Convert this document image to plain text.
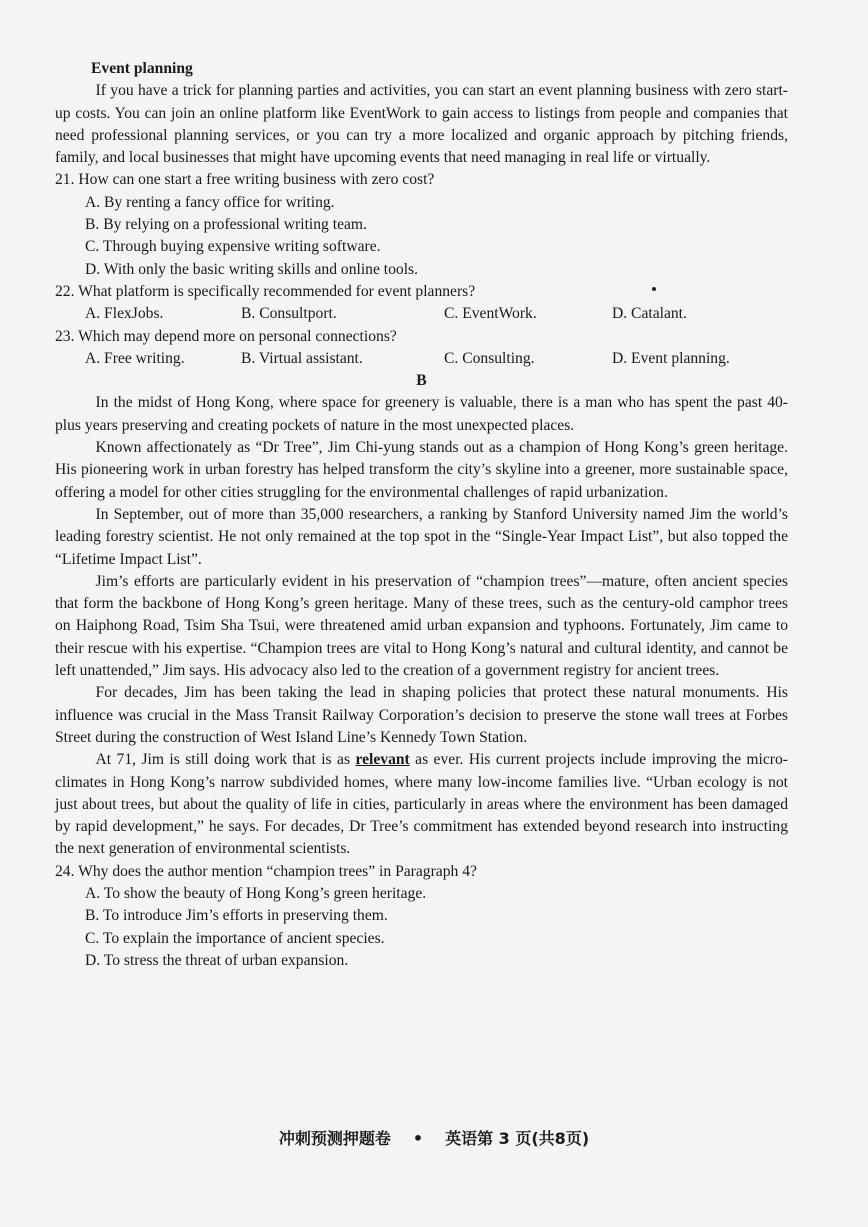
Event planning

If you have a trick for planning parties and activities, you can start an event planning business with zero start-up costs. You can join an online platform like EventWork to gain access to listings from people and companies that need professional planning services, or you can try a more localized and organic approach by pitching friends, family, and local businesses that might have upcoming events that need managing in real life or virtually.

21. How can one start a free writing business with zero cost?
A. By renting a fancy office for writing.
B. By relying on a professional writing team.
C. Through buying expensive writing software.
D. With only the basic writing skills and online tools.
22. What platform is specifically recommended for event planners?
A. FlexJobs.	B. Consultport.	C. EventWork.	D. Catalant.
23. Which may depend more on personal connections?
A. Free writing.	B. Virtual assistant.	C. Consulting.	D. Event planning.
B

In the midst of Hong Kong, where space for greenery is valuable, there is a man who has spent the past 40-plus years preserving and creating pockets of nature in the most unexpected places.

Known affectionately as “Dr Tree”, Jim Chi-yung stands out as a champion of Hong Kong’s green heritage. His pioneering work in urban forestry has helped transform the city’s skyline into a greener, more sustainable space, offering a model for other cities struggling for the environmental challenges of rapid urbanization.

In September, out of more than 35,000 researchers, a ranking by Stanford University named Jim the world’s leading forestry scientist. He not only remained at the top spot in the “Single-Year Impact List”, but also topped the “Lifetime Impact List”.

Jim’s efforts are particularly evident in his preservation of “champion trees”—mature, often ancient species that form the backbone of Hong Kong’s green heritage. Many of these trees, such as the century-old camphor trees on Haiphong Road, Tsim Sha Tsui, were threatened amid urban expansion and typhoons. Fortunately, Jim came to their rescue with his expertise. “Champion trees are vital to Hong Kong’s natural and cultural identity, and cannot be left unattended,” Jim says. His advocacy also led to the creation of a government registry for ancient trees.

For decades, Jim has been taking the lead in shaping policies that protect these natural monuments. His influence was crucial in the Mass Transit Railway Corporation’s decision to preserve the stone wall trees at Forbes Street during the construction of West Island Line’s Kennedy Town Station.

At 71, Jim is still doing work that is as relevant as ever. His current projects include improving the micro-climates in Hong Kong’s narrow subdivided homes, where many low-income families live. “Urban ecology is not just about trees, but about the quality of life in cities, particularly in areas where the environment has been damaged by rapid development,” he says. For decades, Dr Tree’s commitment has extended beyond research into instructing the next generation of environmental scientists.

24. Why does the author mention “champion trees” in Paragraph 4?
A. To show the beauty of Hong Kong’s green heritage.
B. To introduce Jim’s efforts in preserving them.
C. To explain the importance of ancient species.
D. To stress the threat of urban expansion.
冲刺预测押题卷 • 英语第 3 页(共8页)
